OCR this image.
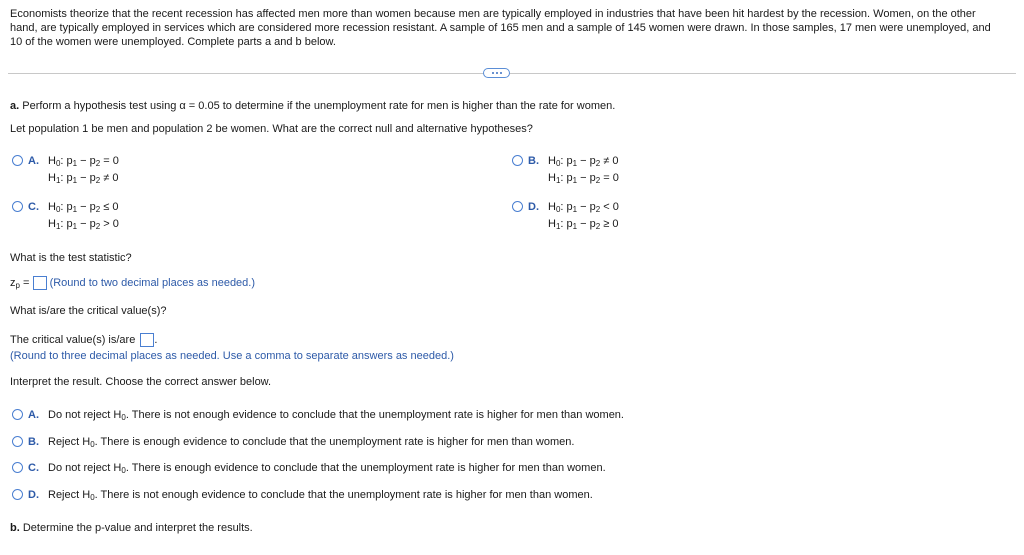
Economists theorize that the recent recession has affected men more than women because men are typically employed in industries that have been hit hardest by the recession. Women, on the other hand, are typically employed in services which are considered more recession resistant. A sample of 165 men and a sample of 145 women were drawn. In those samples, 17 men were unemployed, and 10 of the women were unemployed. Complete parts a and b below.
a. Perform a hypothesis test using α = 0.05 to determine if the unemployment rate for men is higher than the rate for women.
Let population 1 be men and population 2 be women. What are the correct null and alternative hypotheses?
A. $H_0$: $p_1 - p_2 = 0$
$H_1$: $p_1 - p_2 \ne 0$
B. $H_0$: $p_1 - p_2 \ne 0$
$H_1$: $p_1 - p_2 = 0$
C. $H_0$: $p_1 - p_2 \le 0$
$H_1$: $p_1 - p_2 > 0$
D. $H_0$: $p_1 - p_2 < 0$
$H_1$: $p_1 - p_2 \ge 0$
What is the test statistic?
$z_p$ = (Round to two decimal places as needed.)
What is/are the critical value(s)?
The critical value(s) is/are .
(Round to three decimal places as needed. Use a comma to separate answers as needed.)
Interpret the result. Choose the correct answer below.
A. Do not reject $H_0$. There is not enough evidence to conclude that the unemployment rate is higher for men than women.
B. Reject $H_0$. There is enough evidence to conclude that the unemployment rate is higher for men than women.
C. Do not reject $H_0$. There is enough evidence to conclude that the unemployment rate is higher for men than women.
D. Reject $H_0$. There is not enough evidence to conclude that the unemployment rate is higher for men than women.
b. Determine the p-value and interpret the results.
